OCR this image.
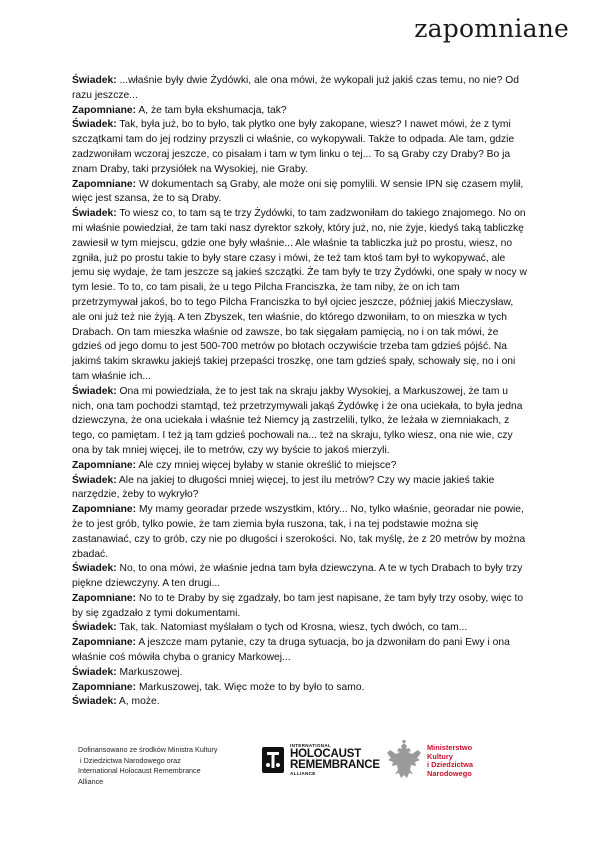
zapomniane

Świadek: ...właśnie były dwie Żydówki, ale ona mówi, że wykopali już jakiś czas temu, no nie? Od razu jeszcze...

Zapomniane: A, że tam była ekshumacja, tak?

Świadek: Tak, była już, bo to było, tak płytko one były zakopane, wiesz? I nawet mówi, że z tymi szczątkami tam do jej rodziny przyszli ci właśnie, co wykopywali. Także to odpada. Ale tam, gdzie zadzwoniłam wczoraj jeszcze, co pisałam i tam w tym linku o tej... To są Graby czy Draby? Bo ja znam Draby, taki przysiółek na Wysokiej, nie Graby.

Zapomniane: W dokumentach są Graby, ale może oni się pomylili. W sensie IPN się czasem mylił, więc jest szansa, że to są Draby.

Świadek: To wiesz co, to tam są te trzy Żydówki, to tam zadzwoniłam do takiego znajomego. No on mi właśnie powiedział, że tam taki nasz dyrektor szkoły, który już, no, nie żyje, kiedyś taką tabliczkę zawiesił w tym miejscu, gdzie one były właśnie... Ale właśnie ta tabliczka już po prostu, wiesz, no zgniła, już po prostu takie to były stare czasy i mówi, że też tam ktoś tam był to wykopywać, ale jemu się wydaje, że tam jeszcze są jakieś szczątki. Że tam były te trzy Żydówki, one spały w nocy w tym lesie. To to, co tam pisali, że u tego Pilcha Franciszka, że tam niby, że on ich tam przetrzymywał jakoś, bo to tego Pilcha Franciszka to był ojciec jeszcze, później jakiś Mieczysław, ale oni już też nie żyją. A ten Zbyszek, ten właśnie, do którego dzwoniłam, to on mieszka w tych Drabach. On tam mieszka właśnie od zawsze, bo tak sięgałam pamięcią, no i on tak mówi, że gdzieś od jego domu to jest 500-700 metrów po błotach oczywiście trzeba tam gdzieś pójść. Na jakimś takim skrawku jakiejś takiej przepaści troszkę, one tam gdzieś spały, schowały się, no i oni tam właśnie ich...

Świadek: Ona mi powiedziała, że to jest tak na skraju jakby Wysokiej, a Markuszowej, że tam u nich, ona tam pochodzi stamtąd, też przetrzymywali jakąś Żydówkę i że ona uciekała, to była jedna dziewczyna, że ona uciekała i właśnie też Niemcy ją zastrzelili, tylko, że leżała w ziemniakach, z tego, co pamiętam. I też ją tam gdzieś pochowali na... też na skraju, tylko wiesz, ona nie wie, czy ona by tak mniej więcej, ile to metrów, czy wy byście to jakoś mierzyli.

Zapomniane: Ale czy mniej więcej byłaby w stanie określić to miejsce?

Świadek: Ale na jakiej to długości mniej więcej, to jest ilu metrów? Czy wy macie jakieś takie narzędzie, żeby to wykryło?

Zapomniane: My mamy georadar przede wszystkim, który... No, tylko właśnie, georadar nie powie, że to jest grób, tylko powie, że tam ziemia była ruszona, tak, i na tej podstawie można się zastanawiać, czy to grób, czy nie po długości i szerokości. No, tak myślę, że z 20 metrów by można zbadać.

Świadek: No, to ona mówi, że właśnie jedna tam była dziewczyna. A te w tych Drabach to były trzy piękne dziewczyny. A ten drugi...

Zapomniane: No to te Draby by się zgadzały, bo tam jest napisane, że tam były trzy osoby, więc to by się zgadzało z tymi dokumentami.

Świadek: Tak, tak. Natomiast myślałam o tych od Krosna, wiesz, tych dwóch, co tam...

Zapomniane: A jeszcze mam pytanie, czy ta druga sytuacja, bo ja dzwoniłam do pani Ewy i ona właśnie coś mówiła chyba o granicy Markowej...

Świadek: Markuszowej.

Zapomniane: Markuszowej, tak. Więc może to by było to samo.

Świadek: A, może.

Dofinansowano ze środków Ministra Kultury
i Dziedzictwa Narodowego oraz
International Holocaust Remembrance
Alliance
INTERNATIONAL
HOLOCAUST
REMEMBRANCE
ALLIANCE
Ministerstwo
Kultury
i Dziedzictwa
Narodowego
